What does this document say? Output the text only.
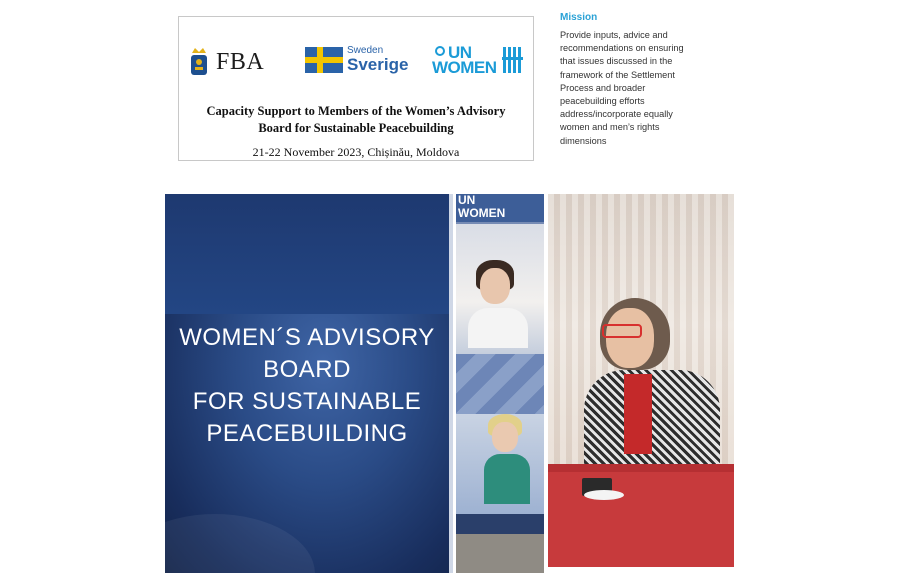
FBA	Sweden
Sverige
UN
WOMEN
Capacity Support to Members of the Women’s Advisory
Board for Sustainable Peacebuilding
21-22 November 2023, Chișinău, Moldova
Mission
Provide inputs, advice and
recommendations on ensuring
that issues discussed in the
framework of the Settlement
Process and broader
peacebuilding efforts
address/incorporate equally
women and men’s rights
dimensions
WOMEN´S ADVISORY
BOARD
FOR SUSTAINABLE
PEACEBUILDING
UN
WOMEN
